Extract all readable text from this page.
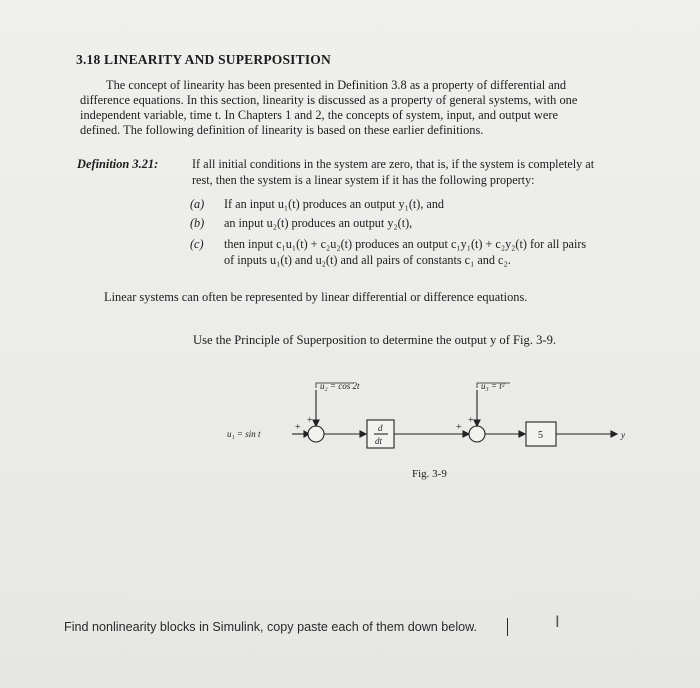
3.18 LINEARITY AND SUPERPOSITION
The concept of linearity has been presented in Definition 3.8 as a property of differential and
difference equations. In this section, linearity is discussed as a property of general systems, with one
independent variable, time t. In Chapters 1 and 2, the concepts of system, input, and output were
defined. The following definition of linearity is based on these earlier definitions.
Definition 3.21:	If all initial conditions in the system are zero, that is, if the system is completely at
rest, then the system is a linear system if it has the following property:
(a) If an input u₁(t) produces an output y₁(t), and
(b) an input u₂(t) produces an output y₂(t),
(c) then input c₁u₁(t) + c₂u₂(t) produces an output c₁y₁(t) + c₂y₂(t) for all pairs
of inputs u₁(t) and u₂(t) and all pairs of constants c₁ and c₂.
Linear systems can often be represented by linear differential or difference equations.
Use the Principle of Superposition to determine the output y of Fig. 3-9.
u₁ = sin t
+
u₂ = cos 2t
+
d
dt
+
u₃ = t²
+
5	y
Fig. 3-9
Find nonlinearity blocks in Simulink, copy paste each of them down below.	I
